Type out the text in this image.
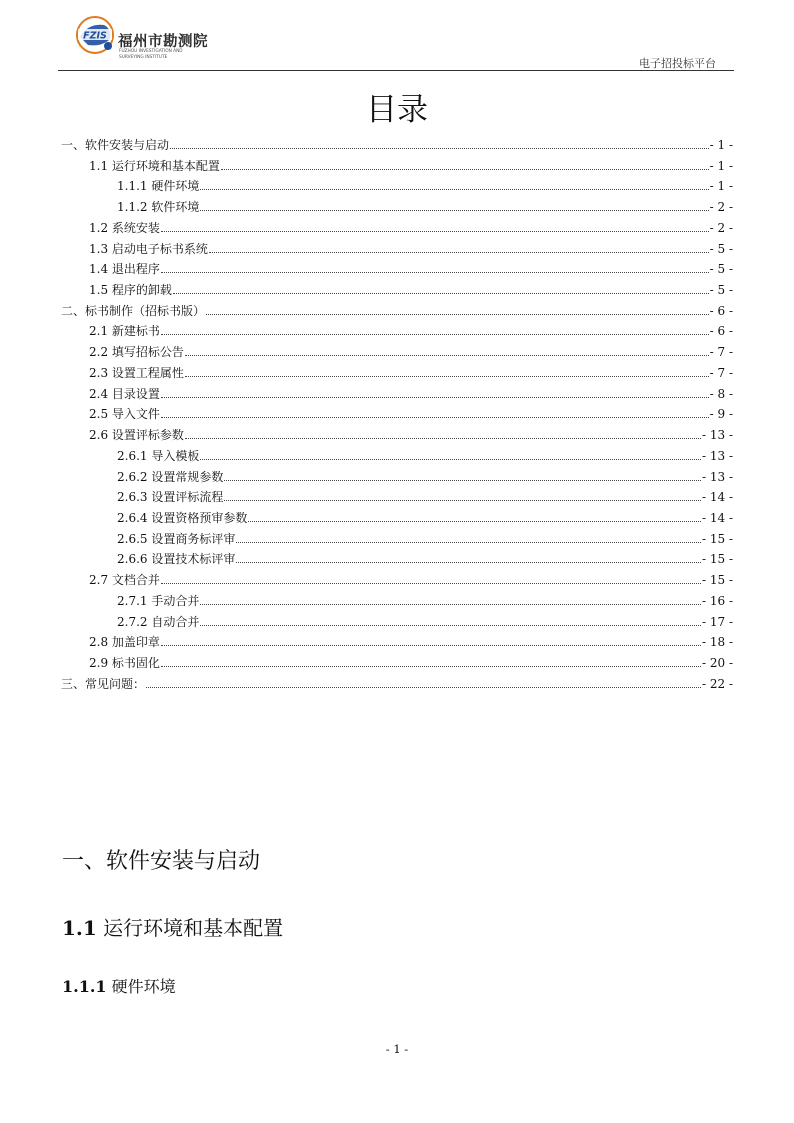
FZIS 福州市勘测院
FUZHOU INVESTIGATION AND
SURVEYING INSTITUTE	电子招投标平台
目录
一、软件安装与启动	- 1 -
1.1 运行环境和基本配置	- 1 -
1.1.1 硬件环境	- 1 -
1.1.2 软件环境	- 2 -
1.2 系统安装	- 2 -
1.3 启动电子标书系统	- 5 -
1.4 退出程序	- 5 -
1.5 程序的卸载	- 5 -
二、标书制作（招标书版）	- 6 -
2.1 新建标书	- 6 -
2.2 填写招标公告	- 7 -
2.3 设置工程属性	- 7 -
2.4 目录设置	- 8 -
2.5 导入文件	- 9 -
2.6 设置评标参数	- 13 -
2.6.1 导入模板	- 13 -
2.6.2 设置常规参数	- 13 -
2.6.3 设置评标流程	- 14 -
2.6.4 设置资格预审参数	- 14 -
2.6.5 设置商务标评审	- 15 -
2.6.6 设置技术标评审	- 15 -
2.7 文档合并	- 15 -
2.7.1 手动合并	- 16 -
2.7.2 自动合并	- 17 -
2.8 加盖印章	- 18 -
2.9 标书固化	- 20 -
三、常见问题：	- 22 -
一、软件安装与启动
1.1 运行环境和基本配置
1.1.1 硬件环境
- 1 -
